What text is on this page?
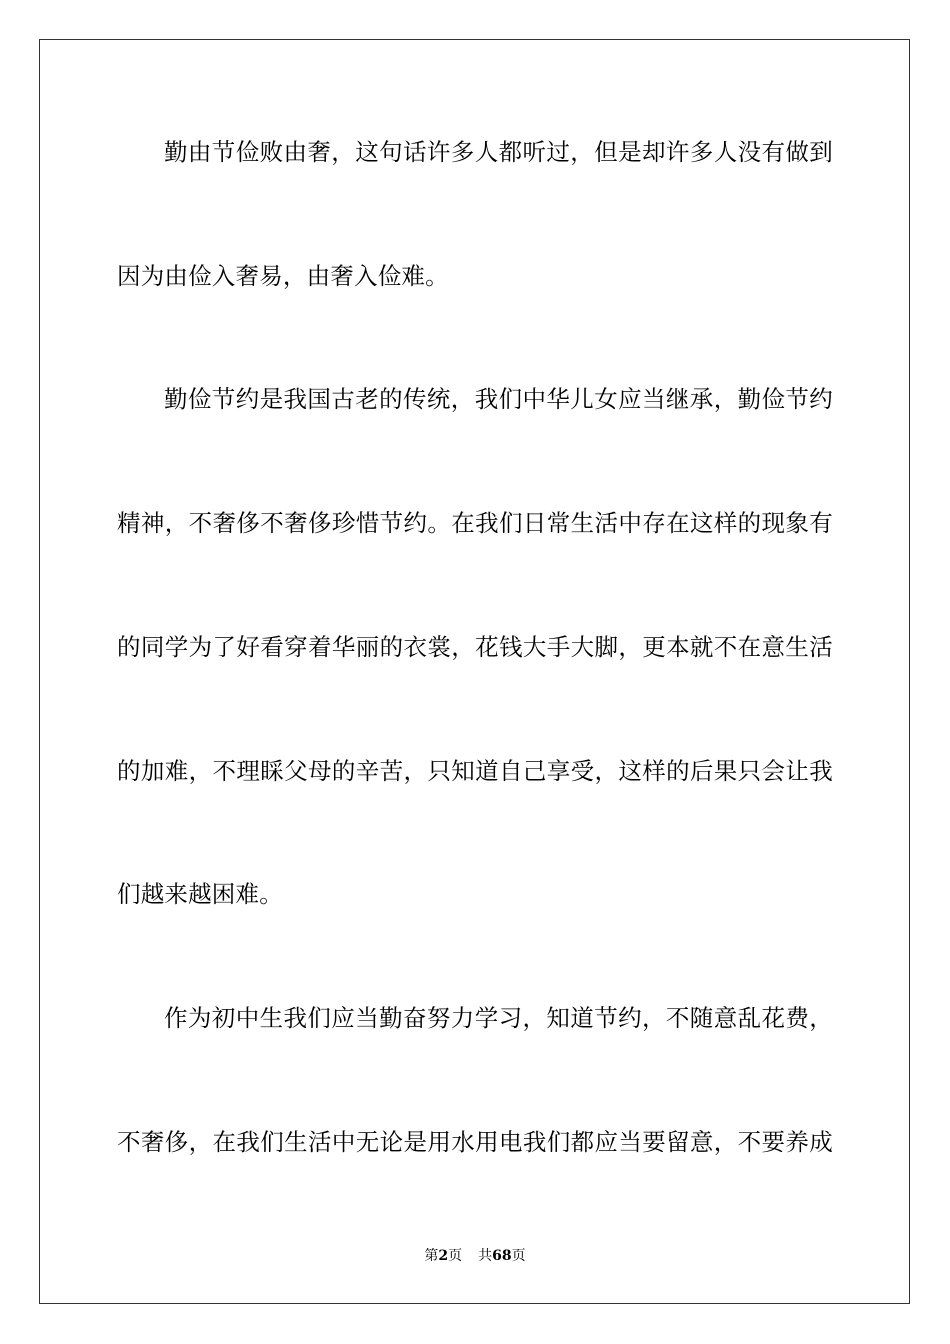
勤由节俭败由奢，这句话许多人都听过，但是却许多人没有做到
因为由俭入奢易，由奢入俭难。
勤俭节约是我国古老的传统，我们中华儿女应当继承，勤俭节约
精神，不奢侈不奢侈珍惜节约。在我们日常生活中存在这样的现象有
的同学为了好看穿着华丽的衣裳，花钱大手大脚，更本就不在意生活
的加难，不理睬父母的辛苦，只知道自己享受，这样的后果只会让我
们越来越困难。
作为初中生我们应当勤奋努力学习，知道节约，不随意乱花费，
不奢侈，在我们生活中无论是用水用电我们都应当要留意，不要养成
第2页 共68页
